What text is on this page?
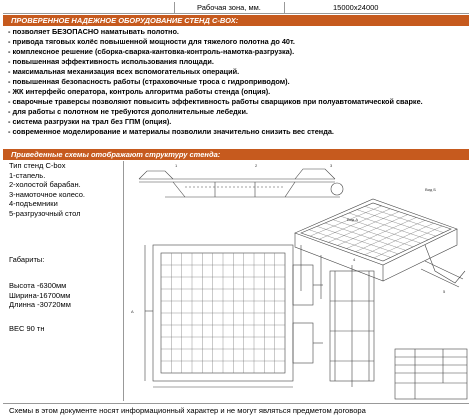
Рабочая зона, мм.	15000х24000
ПРОВЕРЕННОЕ НАДЕЖНОЕ ОБОРУДОВАНИЕ СТЕНД С-ВОХ:
- позволяет БЕЗОПАСНО наматывать полотно.
- привода тяговых колёс повышенной мощности для тяжелого полотна до 40т.
- комплексное решение (сборка-сварка-кантовка-контроль-намотка-разгрузка).
- повышенная эффективность использования площади.
- максимальная механизация всех вспомогательных операций.
- повышенная безопасность работы (страховочные троса с гидроприводом).
- ЖК интерфейс оператора, контроль алгоритма работы стенда (опция).
- сварочные траверсы позволяют повысить эффективность работы сварщиков при полуавтоматической сварке.
- для работы с полотном не требуются дополнительные лебедки.
- система разгрузки на трал без ГПМ (опция).
- современное моделирование и материалы позволили значительно снизить вес стенда.
Приведенные схемы отображают структуру стенда:
Тип стенд С-box
1-стапель.
2-холостой барабан.
3-намоточное колесо.
4-подъемники
5-разгрузочный стол
Габариты:
Высота -6300мм
Ширина-16700мм
Длинна -30720мм
ВЕС 90 тн
Вид А
Вид Б
А
1	2	3
4
5
Схемы в этом документе носят информационный характер и не могут являться предметом договора
